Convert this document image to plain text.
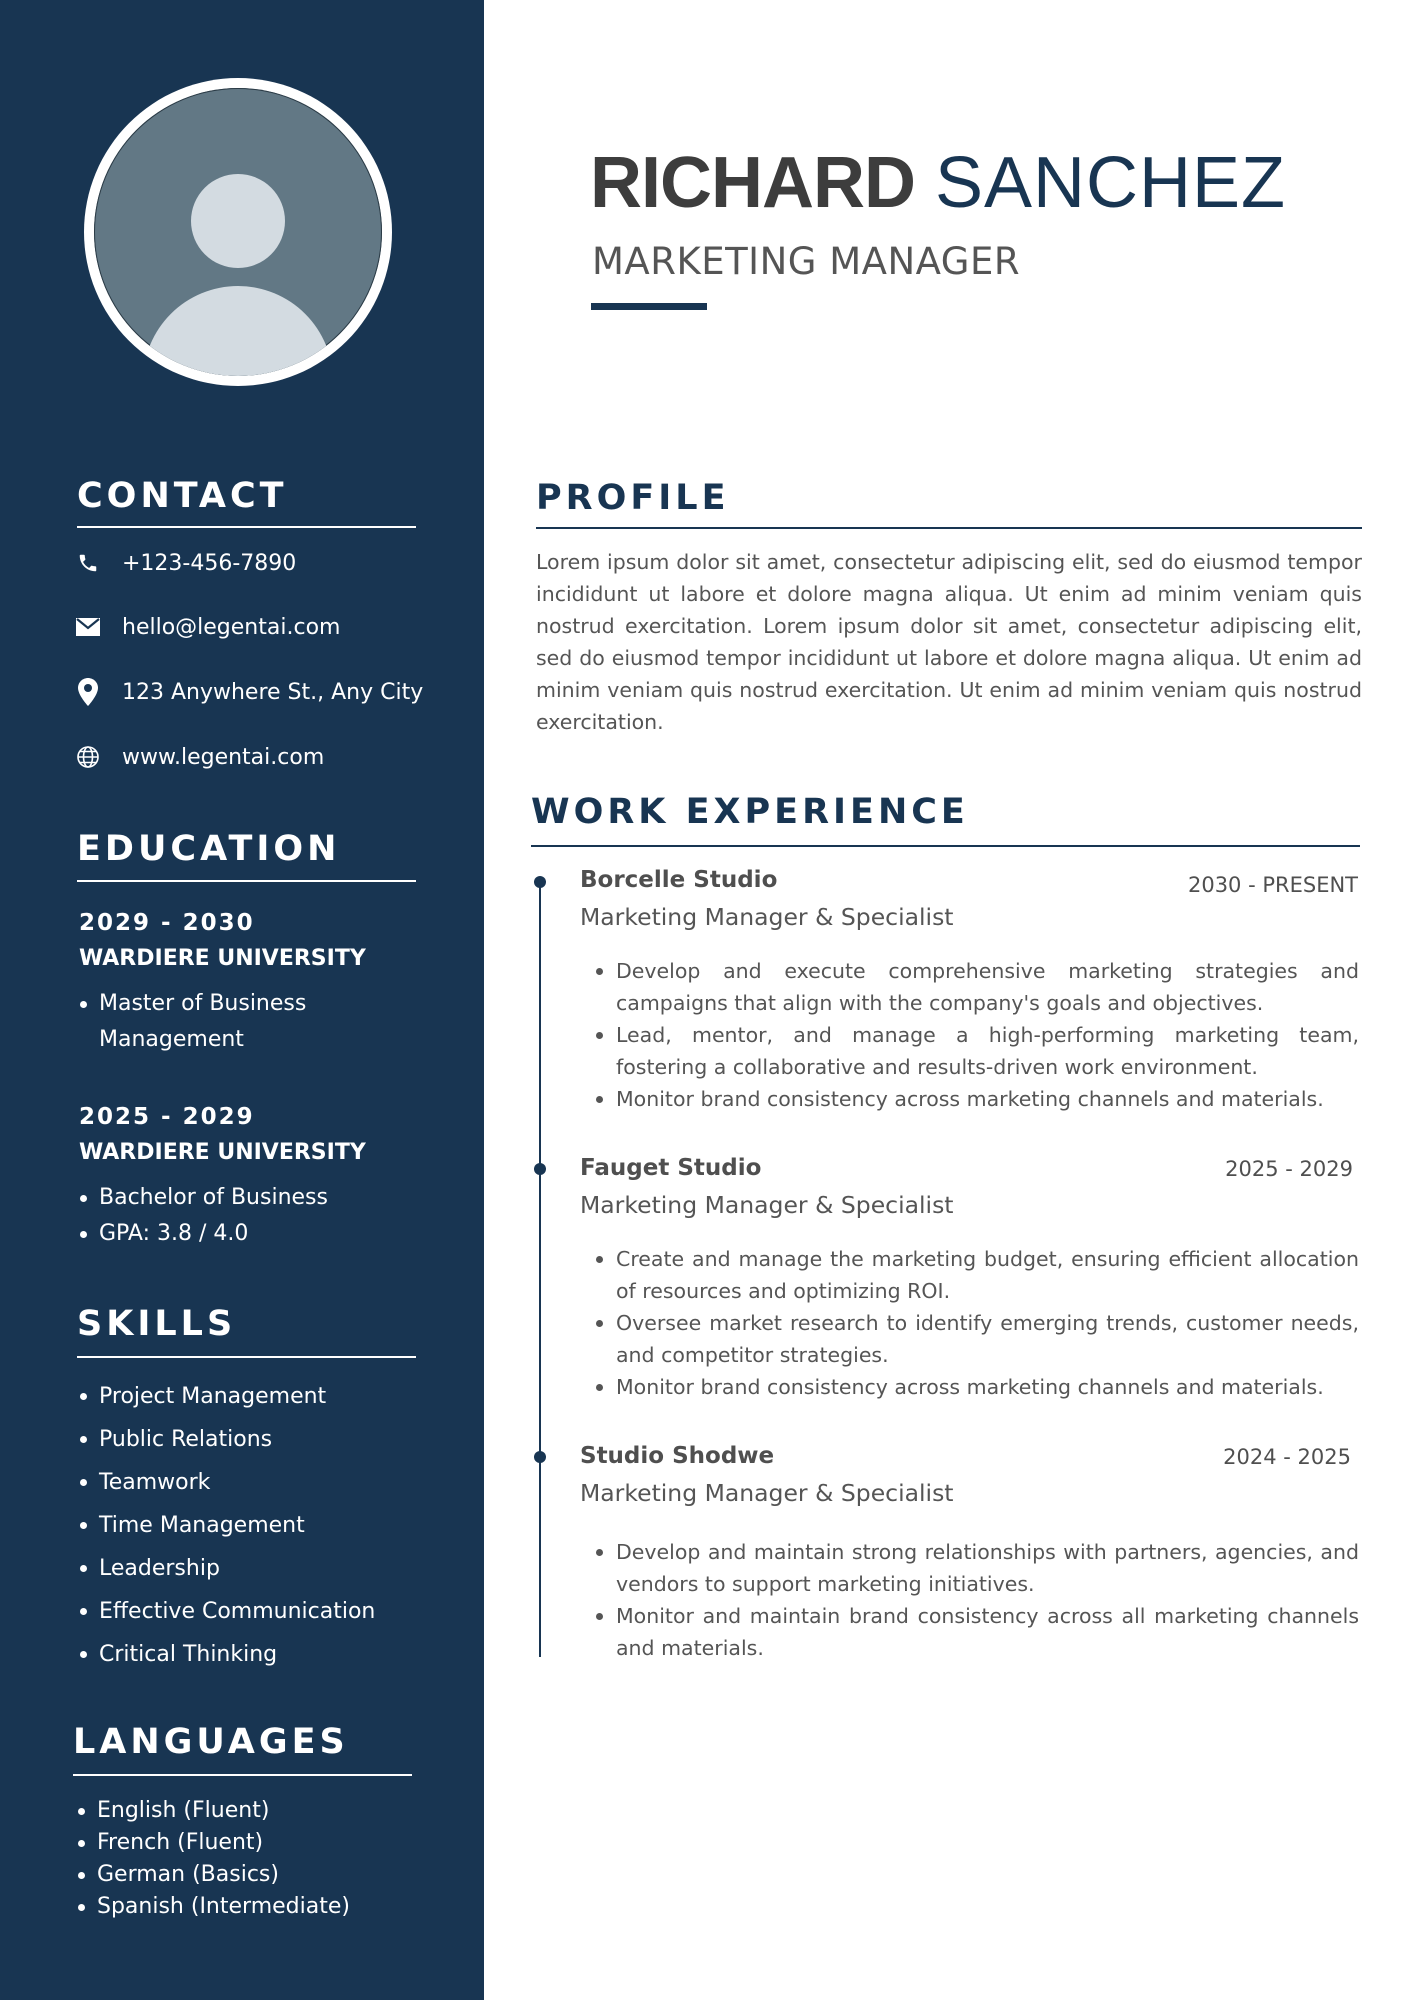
CONTACT
+123-456-7890
hello@legentai.com
123 Anywhere St., Any City
www.legentai.com
EDUCATION
2029 - 2030
WARDIERE UNIVERSITY
Master of Business Management
2025 - 2029
WARDIERE UNIVERSITY
Bachelor of Business
GPA: 3.8 / 4.0
SKILLS
Project Management
Public Relations
Teamwork
Time Management
Leadership
Effective Communication
Critical Thinking
LANGUAGES
English (Fluent)
French (Fluent)
German (Basics)
Spanish (Intermediate)
RICHARD SANCHEZ
MARKETING MANAGER
PROFILE

Lorem ipsum dolor sit amet, consectetur adipiscing elit, sed do eiusmod tempor incididunt ut labore et dolore magna aliqua. Ut enim ad minim veniam quis nostrud exercitation. Lorem ipsum dolor sit amet, consectetur adipiscing elit, sed do eiusmod tempor incididunt ut labore et dolore magna aliqua. Ut enim ad minim veniam quis nostrud exercitation. Ut enim ad minim veniam quis nostrud exercitation.

WORK EXPERIENCE
Borcelle Studio	2030 - PRESENT
Marketing Manager & Specialist
Develop and execute comprehensive marketing strategies and campaigns that align with the company's goals and objectives.
Lead, mentor, and manage a high-performing marketing team, fostering a collaborative and results-driven work environment.
Monitor brand consistency across marketing channels and materials.
Fauget Studio	2025 - 2029
Marketing Manager & Specialist
Create and manage the marketing budget, ensuring efficient allocation of resources and optimizing ROI.
Oversee market research to identify emerging trends, customer needs, and competitor strategies.
Monitor brand consistency across marketing channels and materials.
Studio Shodwe	2024 - 2025
Marketing Manager & Specialist
Develop and maintain strong relationships with partners, agencies, and vendors to support marketing initiatives.
Monitor and maintain brand consistency across all marketing channels and materials.
